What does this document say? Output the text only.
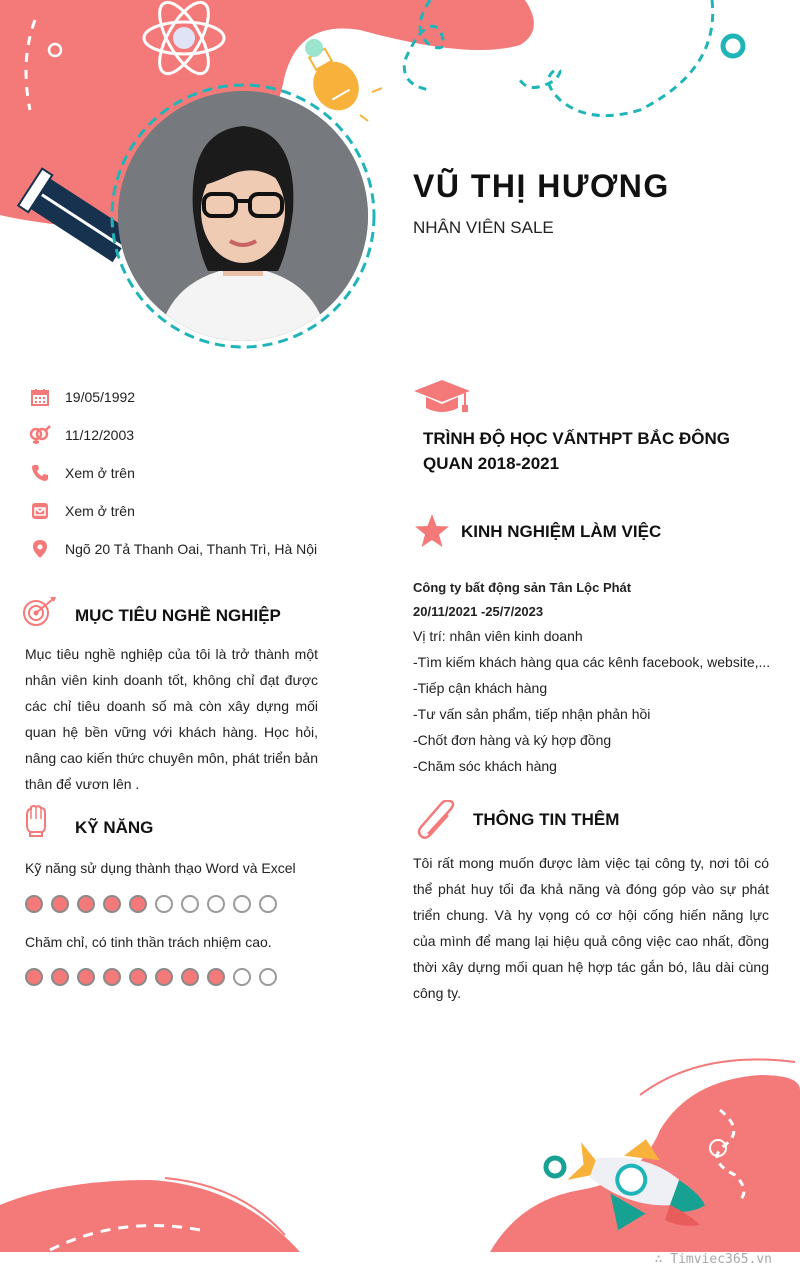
VŨ THỊ HƯƠNG
NHÂN VIÊN SALE
19/05/1992
11/12/2003
Xem ở trên
Xem ở trên
Ngõ 20 Tả Thanh Oai, Thanh Trì, Hà Nội
MỤC TIÊU NGHỀ NGHIỆP

Mục tiêu nghề nghiệp của tôi là trở thành một nhân viên kinh doanh tốt, không chỉ đạt được các chỉ tiêu doanh số mà còn xây dựng mối quan hệ bền vững với khách hàng. Học hỏi, nâng cao kiến thức chuyên môn, phát triển bản thân để vươn lên .

KỸ NĂNG
Kỹ năng sử dụng thành thạo Word và Excel
Chăm chỉ, có tinh thần trách nhiệm cao.
TRÌNH ĐỘ HỌC VẤNTHPT BẮC ĐÔNG QUAN 2018-2021
KINH NGHIỆM LÀM VIỆC
Công ty bất động sản Tân Lộc Phát
20/11/2021 -25/7/2023
Vị trí: nhân viên kinh doanh
-Tìm kiếm khách hàng qua các kênh facebook, website,...
-Tiếp cận khách hàng
-Tư vấn sản phẩm, tiếp nhận phản hồi
-Chốt đơn hàng và ký hợp đồng
-Chăm sóc khách hàng
THÔNG TIN THÊM

Tôi rất mong muốn được làm việc tại công ty, nơi tôi có thể phát huy tối đa khả năng và đóng góp vào sự phát triển chung. Và hy vọng có cơ hội cống hiến năng lực của mình để mang lại hiệu quả công việc cao nhất, đồng thời xây dựng mối quan hệ hợp tác gắn bó, lâu dài cùng công ty.

∴ Timviec365.vn
